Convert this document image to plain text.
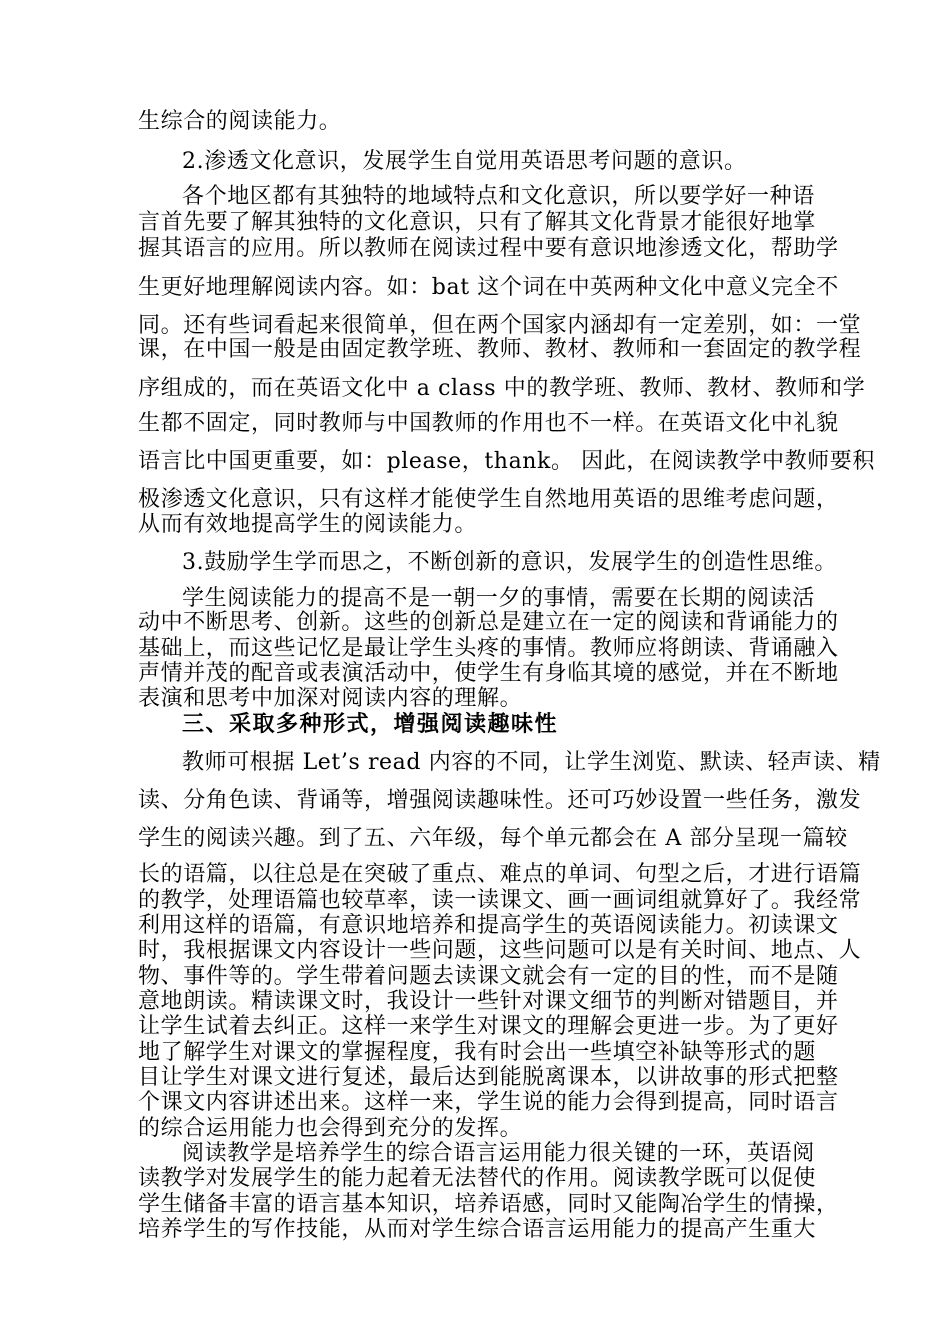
生综合的阅读能力。
2.渗透文化意识，发展学生自觉用英语思考问题的意识。
各个地区都有其独特的地域特点和文化意识，所以要学好一种语
言首先要了解其独特的文化意识，只有了解其文化背景才能很好地掌
握其语言的应用。所以教师在阅读过程中要有意识地渗透文化，帮助学
生更好地理解阅读内容。如：bat 这个词在中英两种文化中意义完全不
同。还有些词看起来很简单，但在两个国家内涵却有一定差别，如：一堂
课，在中国一般是由固定教学班、教师、教材、教师和一套固定的教学程
序组成的，而在英语文化中 a class 中的教学班、教师、教材、教师和学
生都不固定，同时教师与中国教师的作用也不一样。在英语文化中礼貌
语言比中国更重要，如：please，thank。 因此，在阅读教学中教师要积
极渗透文化意识，只有这样才能使学生自然地用英语的思维考虑问题，
从而有效地提高学生的阅读能力。
3.鼓励学生学而思之，不断创新的意识，发展学生的创造性思维。
学生阅读能力的提高不是一朝一夕的事情，需要在长期的阅读活
动中不断思考、创新。这些的创新总是建立在一定的阅读和背诵能力的
基础上，而这些记忆是最让学生头疼的事情。教师应将朗读、背诵融入
声情并茂的配音或表演活动中，使学生有身临其境的感觉，并在不断地
表演和思考中加深对阅读内容的理解。
三、采取多种形式，增强阅读趣味性
教师可根据 Let’s read 内容的不同，让学生浏览、默读、轻声读、精
读、分角色读、背诵等，增强阅读趣味性。还可巧妙设置一些任务，激发
学生的阅读兴趣。到了五、六年级，每个单元都会在 A 部分呈现一篇较
长的语篇，以往总是在突破了重点、难点的单词、句型之后，才进行语篇
的教学，处理语篇也较草率，读一读课文、画一画词组就算好了。我经常
利用这样的语篇，有意识地培养和提高学生的英语阅读能力。初读课文
时，我根据课文内容设计一些问题，这些问题可以是有关时间、地点、人
物、事件等的。学生带着问题去读课文就会有一定的目的性，而不是随
意地朗读。精读课文时，我设计一些针对课文细节的判断对错题目，并
让学生试着去纠正。这样一来学生对课文的理解会更进一步。为了更好
地了解学生对课文的掌握程度，我有时会出一些填空补缺等形式的题
目让学生对课文进行复述，最后达到能脱离课本，以讲故事的形式把整
个课文内容讲述出来。这样一来，学生说的能力会得到提高，同时语言
的综合运用能力也会得到充分的发挥。
阅读教学是培养学生的综合语言运用能力很关键的一环，英语阅
读教学对发展学生的能力起着无法替代的作用。阅读教学既可以促使
学生储备丰富的语言基本知识，培养语感，同时又能陶冶学生的情操，
培养学生的写作技能，从而对学生综合语言运用能力的提高产生重大
